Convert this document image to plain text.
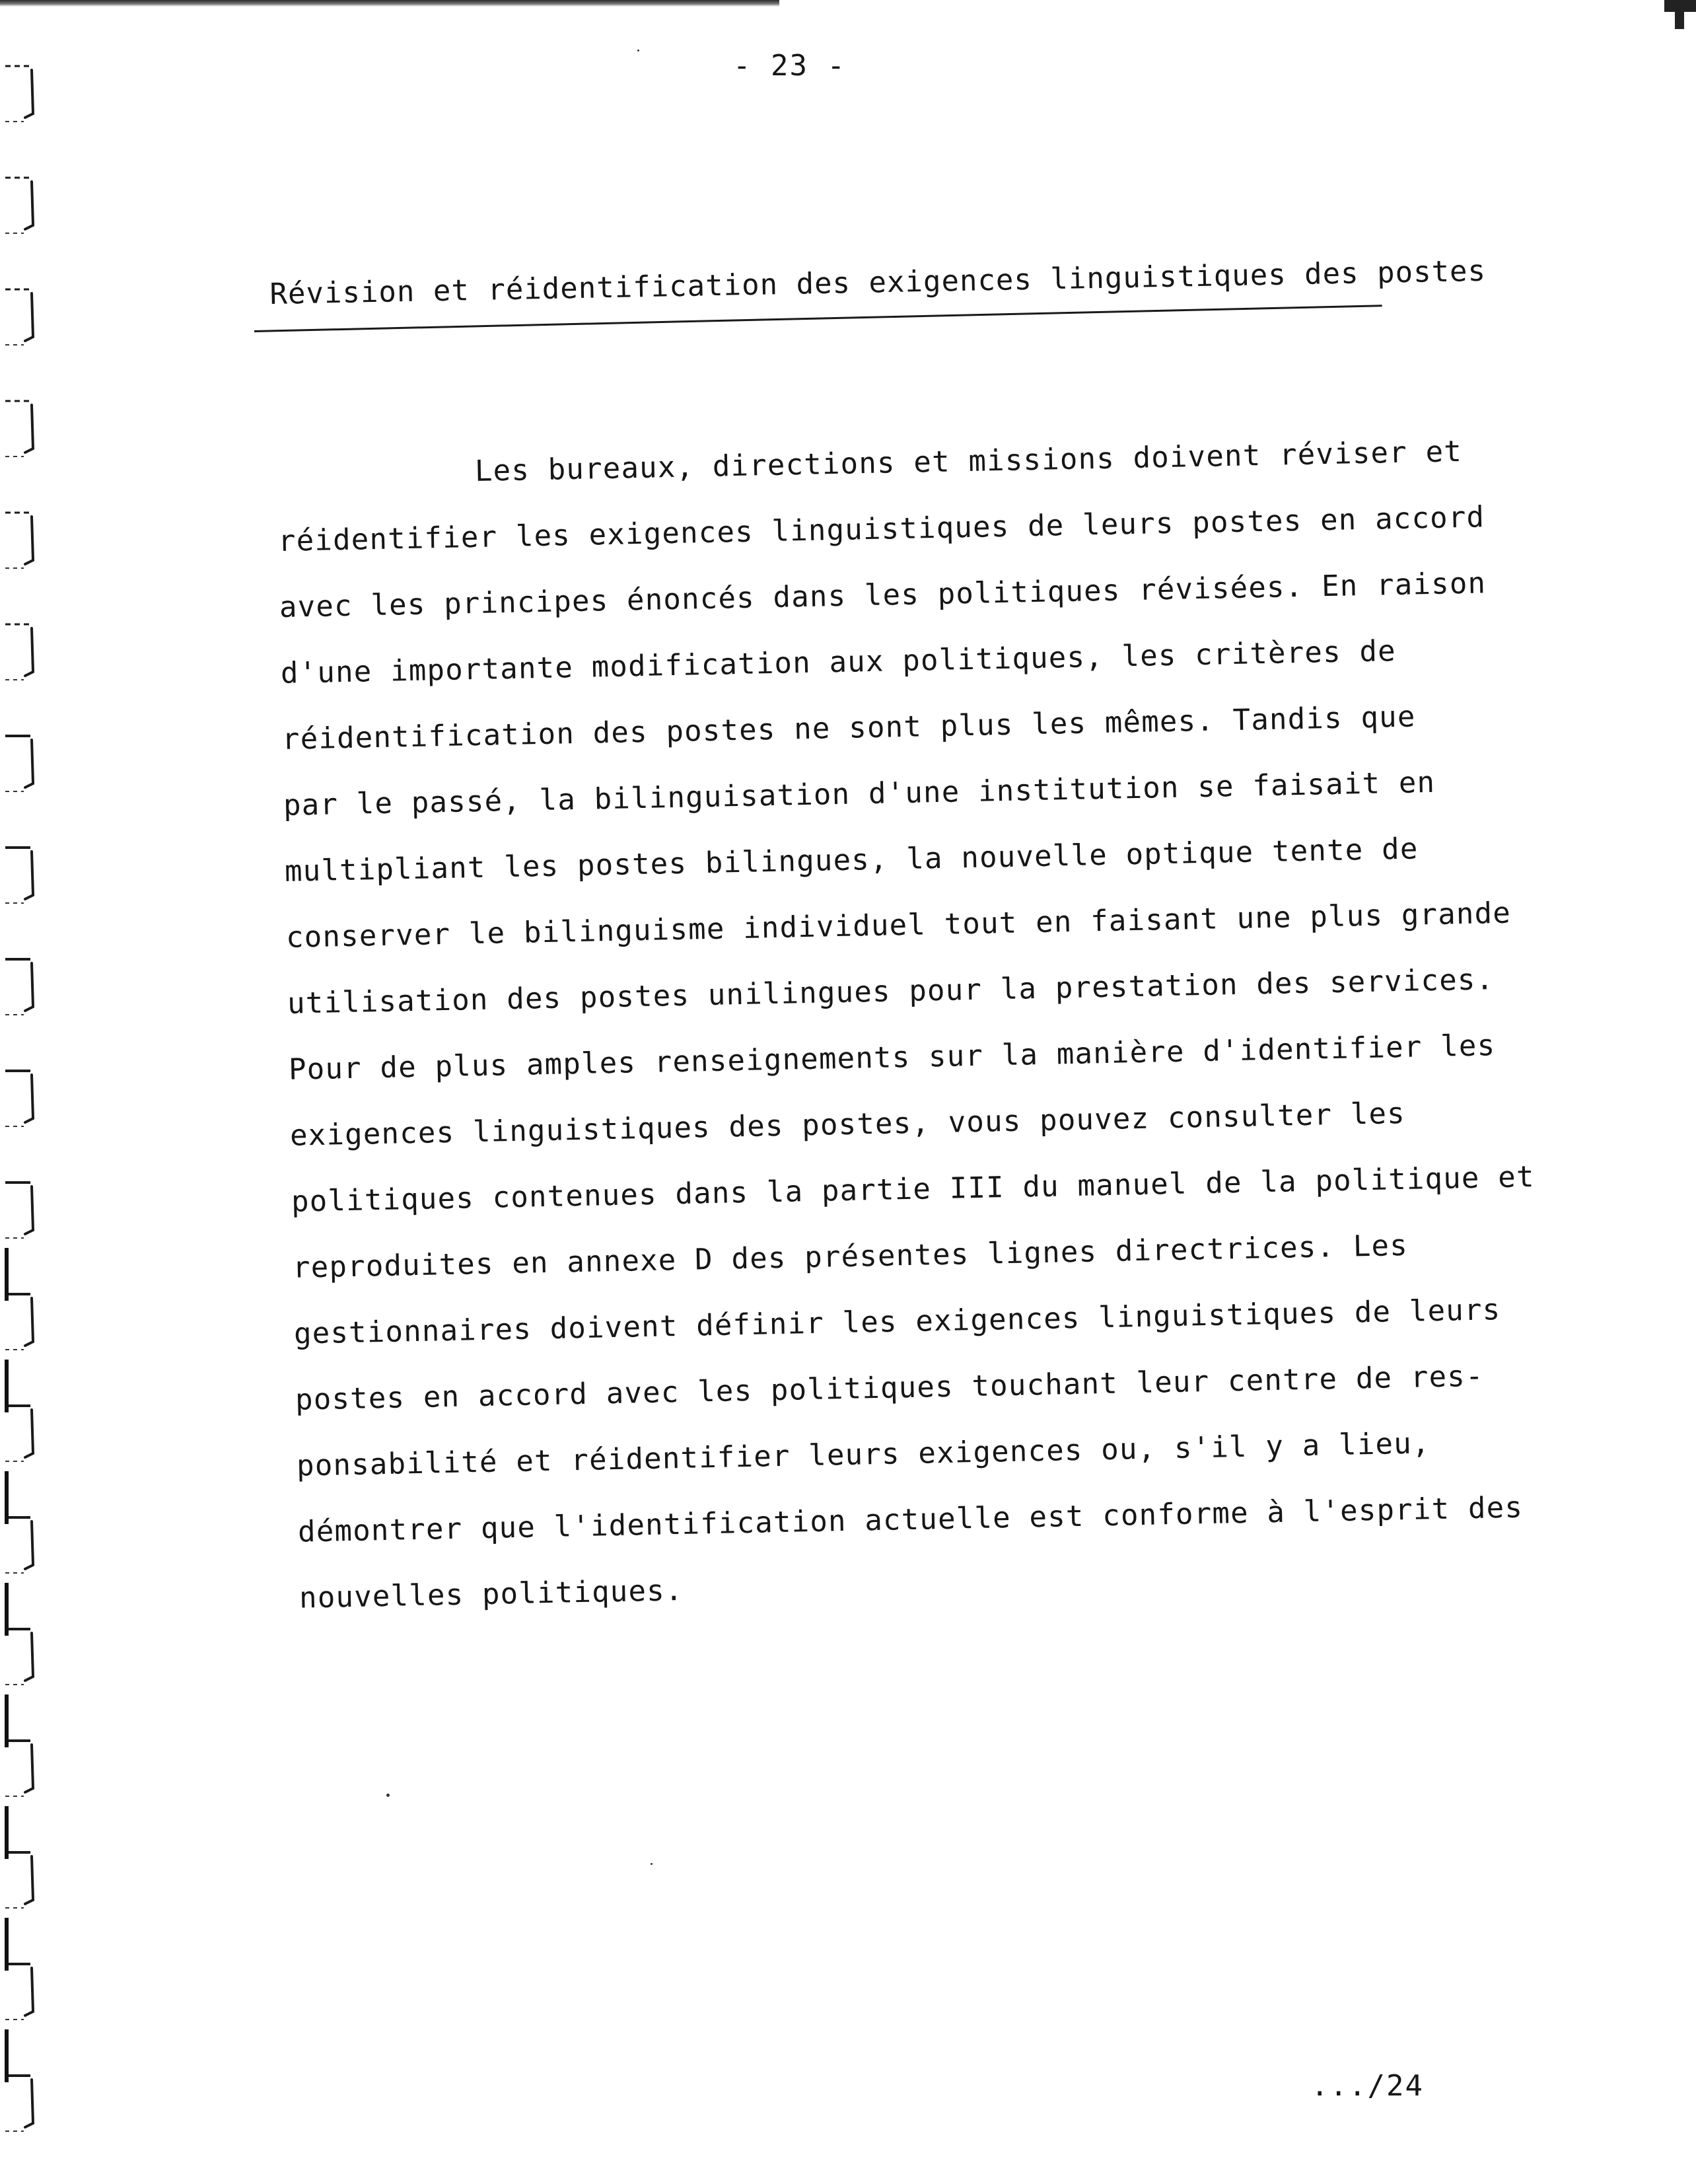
- 23 -
Révision et réidentification des exigences linguistiques des postes
Les bureaux, directions et missions doivent réviser et
réidentifier les exigences linguistiques de leurs postes en accord
avec les principes énoncés dans les politiques révisées. En raison
d'une importante modification aux politiques, les critères de
réidentification des postes ne sont plus les mêmes. Tandis que
par le passé, la bilinguisation d'une institution se faisait en
multipliant les postes bilingues, la nouvelle optique tente de
conserver le bilinguisme individuel tout en faisant une plus grande
utilisation des postes unilingues pour la prestation des services.
Pour de plus amples renseignements sur la manière d'identifier les
exigences linguistiques des postes, vous pouvez consulter les
politiques contenues dans la partie III du manuel de la politique et
reproduites en annexe D des présentes lignes directrices. Les
gestionnaires doivent définir les exigences linguistiques de leurs
postes en accord avec les politiques touchant leur centre de res-
ponsabilité et réidentifier leurs exigences ou, s'il y a lieu,
démontrer que l'identification actuelle est conforme à l'esprit des
nouvelles politiques.
.../24
